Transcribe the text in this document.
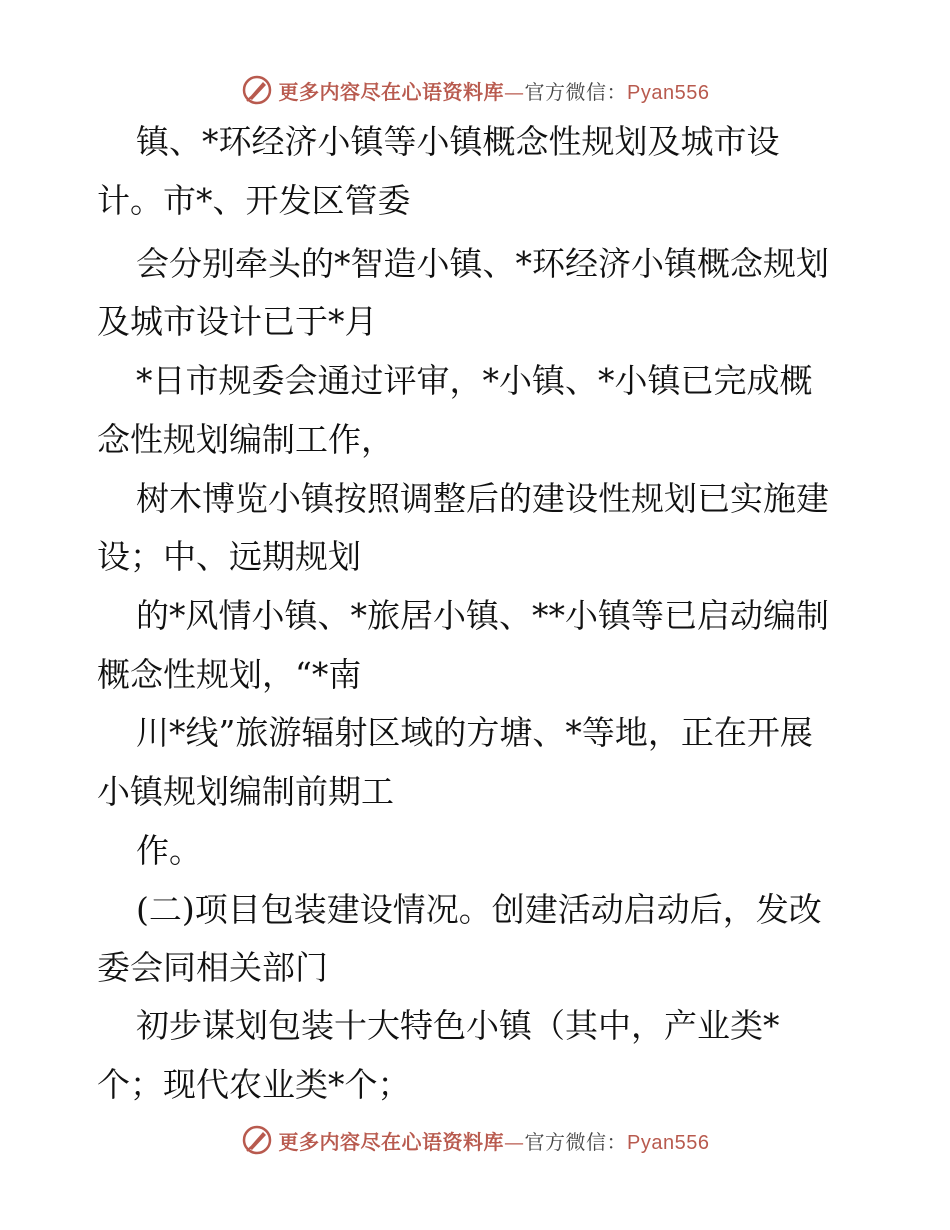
更多内容尽在心语资料库—官方微信：Pyan556
镇、*环经济小镇等小镇概念性规划及城市设
计。市*、开发区管委
会分别牵头的*智造小镇、*环经济小镇概念规划
及城市设计已于*月
*日市规委会通过评审，*小镇、*小镇已完成概
念性规划编制工作，
树木博览小镇按照调整后的建设性规划已实施建
设；中、远期规划
的*风情小镇、*旅居小镇、**小镇等已启动编制
概念性规划，“*南
川*线”旅游辐射区域的方塘、*等地，正在开展
小镇规划编制前期工
作。
(二)项目包装建设情况。创建活动启动后，发改
委会同相关部门
初步谋划包装十大特色小镇（其中，产业类*
个；现代农业类*个；
更多内容尽在心语资料库—官方微信：Pyan556
